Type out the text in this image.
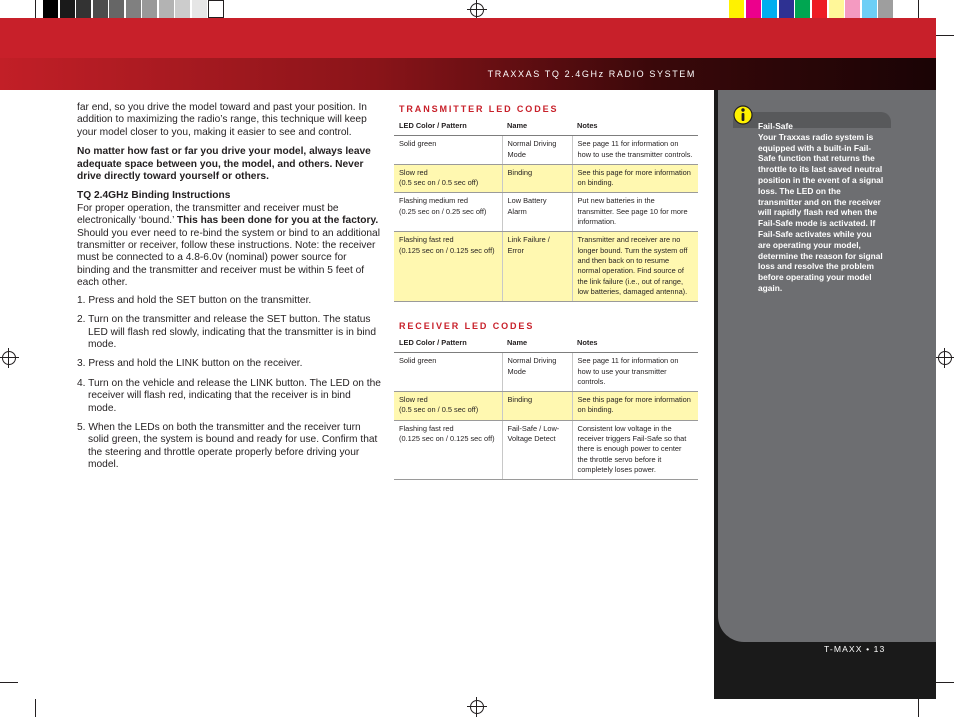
TRAXXAS TQ 2.4GHz RADIO SYSTEM

far end, so you drive the model toward and past your position. In addition to maximizing the radio’s range, this technique will keep your model closer to you, making it easier to see and control.

No matter how fast or far you drive your model, always leave adequate space between you, the model, and others. Never drive directly toward yourself or others.

TQ 2.4GHz Binding Instructions
For proper operation, the transmitter and receiver must be electronically ‘bound.’ This has been done for you at the factory. Should you ever need to re-bind the system or bind to an additional transmitter or receiver, follow these instructions. Note: the receiver must be connected to a 4.8-6.0v (nominal) power source for binding and the transmitter and receiver must be within 5 feet of each other.

1. Press and hold the SET button on the transmitter.
2. Turn on the transmitter and release the SET button. The status LED will flash red slowly, indicating that the transmitter is in bind mode.
3. Press and hold the LINK button on the receiver.
4. Turn on the vehicle and release the LINK button. The LED on the receiver will flash red, indicating that the receiver is in bind mode.
5. When the LEDs on both the transmitter and the receiver turn solid green, the system is bound and ready for use. Confirm that the steering and throttle operate properly before driving your model.
TRANSMITTER LED CODES
LED Color / Pattern	Name	Notes

Solid green	Normal Driving Mode	See page 11 for information on how to use the transmitter controls.

Slow red
(0.5 sec on / 0.5 sec off)	Binding	See this page for more information on binding.

Flashing medium red
(0.25 sec on / 0.25 sec off)	Low Battery Alarm	Put new batteries in the transmitter. See page 10 for more information.

Flashing fast red
(0.125 sec on / 0.125 sec off)	Link Failure / Error	Transmitter and receiver are no longer bound. Turn the system off and then back on to resume normal operation. Find source of the link failure (i.e., out of range, low batteries, damaged antenna).
RECEIVER LED CODES
LED Color / Pattern	Name	Notes

Solid green	Normal Driving Mode	See page 11 for information on how to use your transmitter controls.

Slow red
(0.5 sec on / 0.5 sec off)	Binding	See this page for more information on binding.

Flashing fast red
(0.125 sec on / 0.125 sec off)	Fail-Safe / Low-Voltage Detect	Consistent low voltage in the receiver triggers Fail-Safe so that there is enough power to center the throttle servo before it completely loses power.
Fail-Safe
Your Traxxas radio system is equipped with a built-in Fail-Safe function that returns the throttle to its last saved neutral position in the event of a signal loss. The LED on the transmitter and on the receiver will rapidly flash red when the Fail-Safe mode is activated. If Fail-Safe activates while you are operating your model, determine the reason for signal loss and resolve the problem before operating your model again.
T-MAXX • 13
